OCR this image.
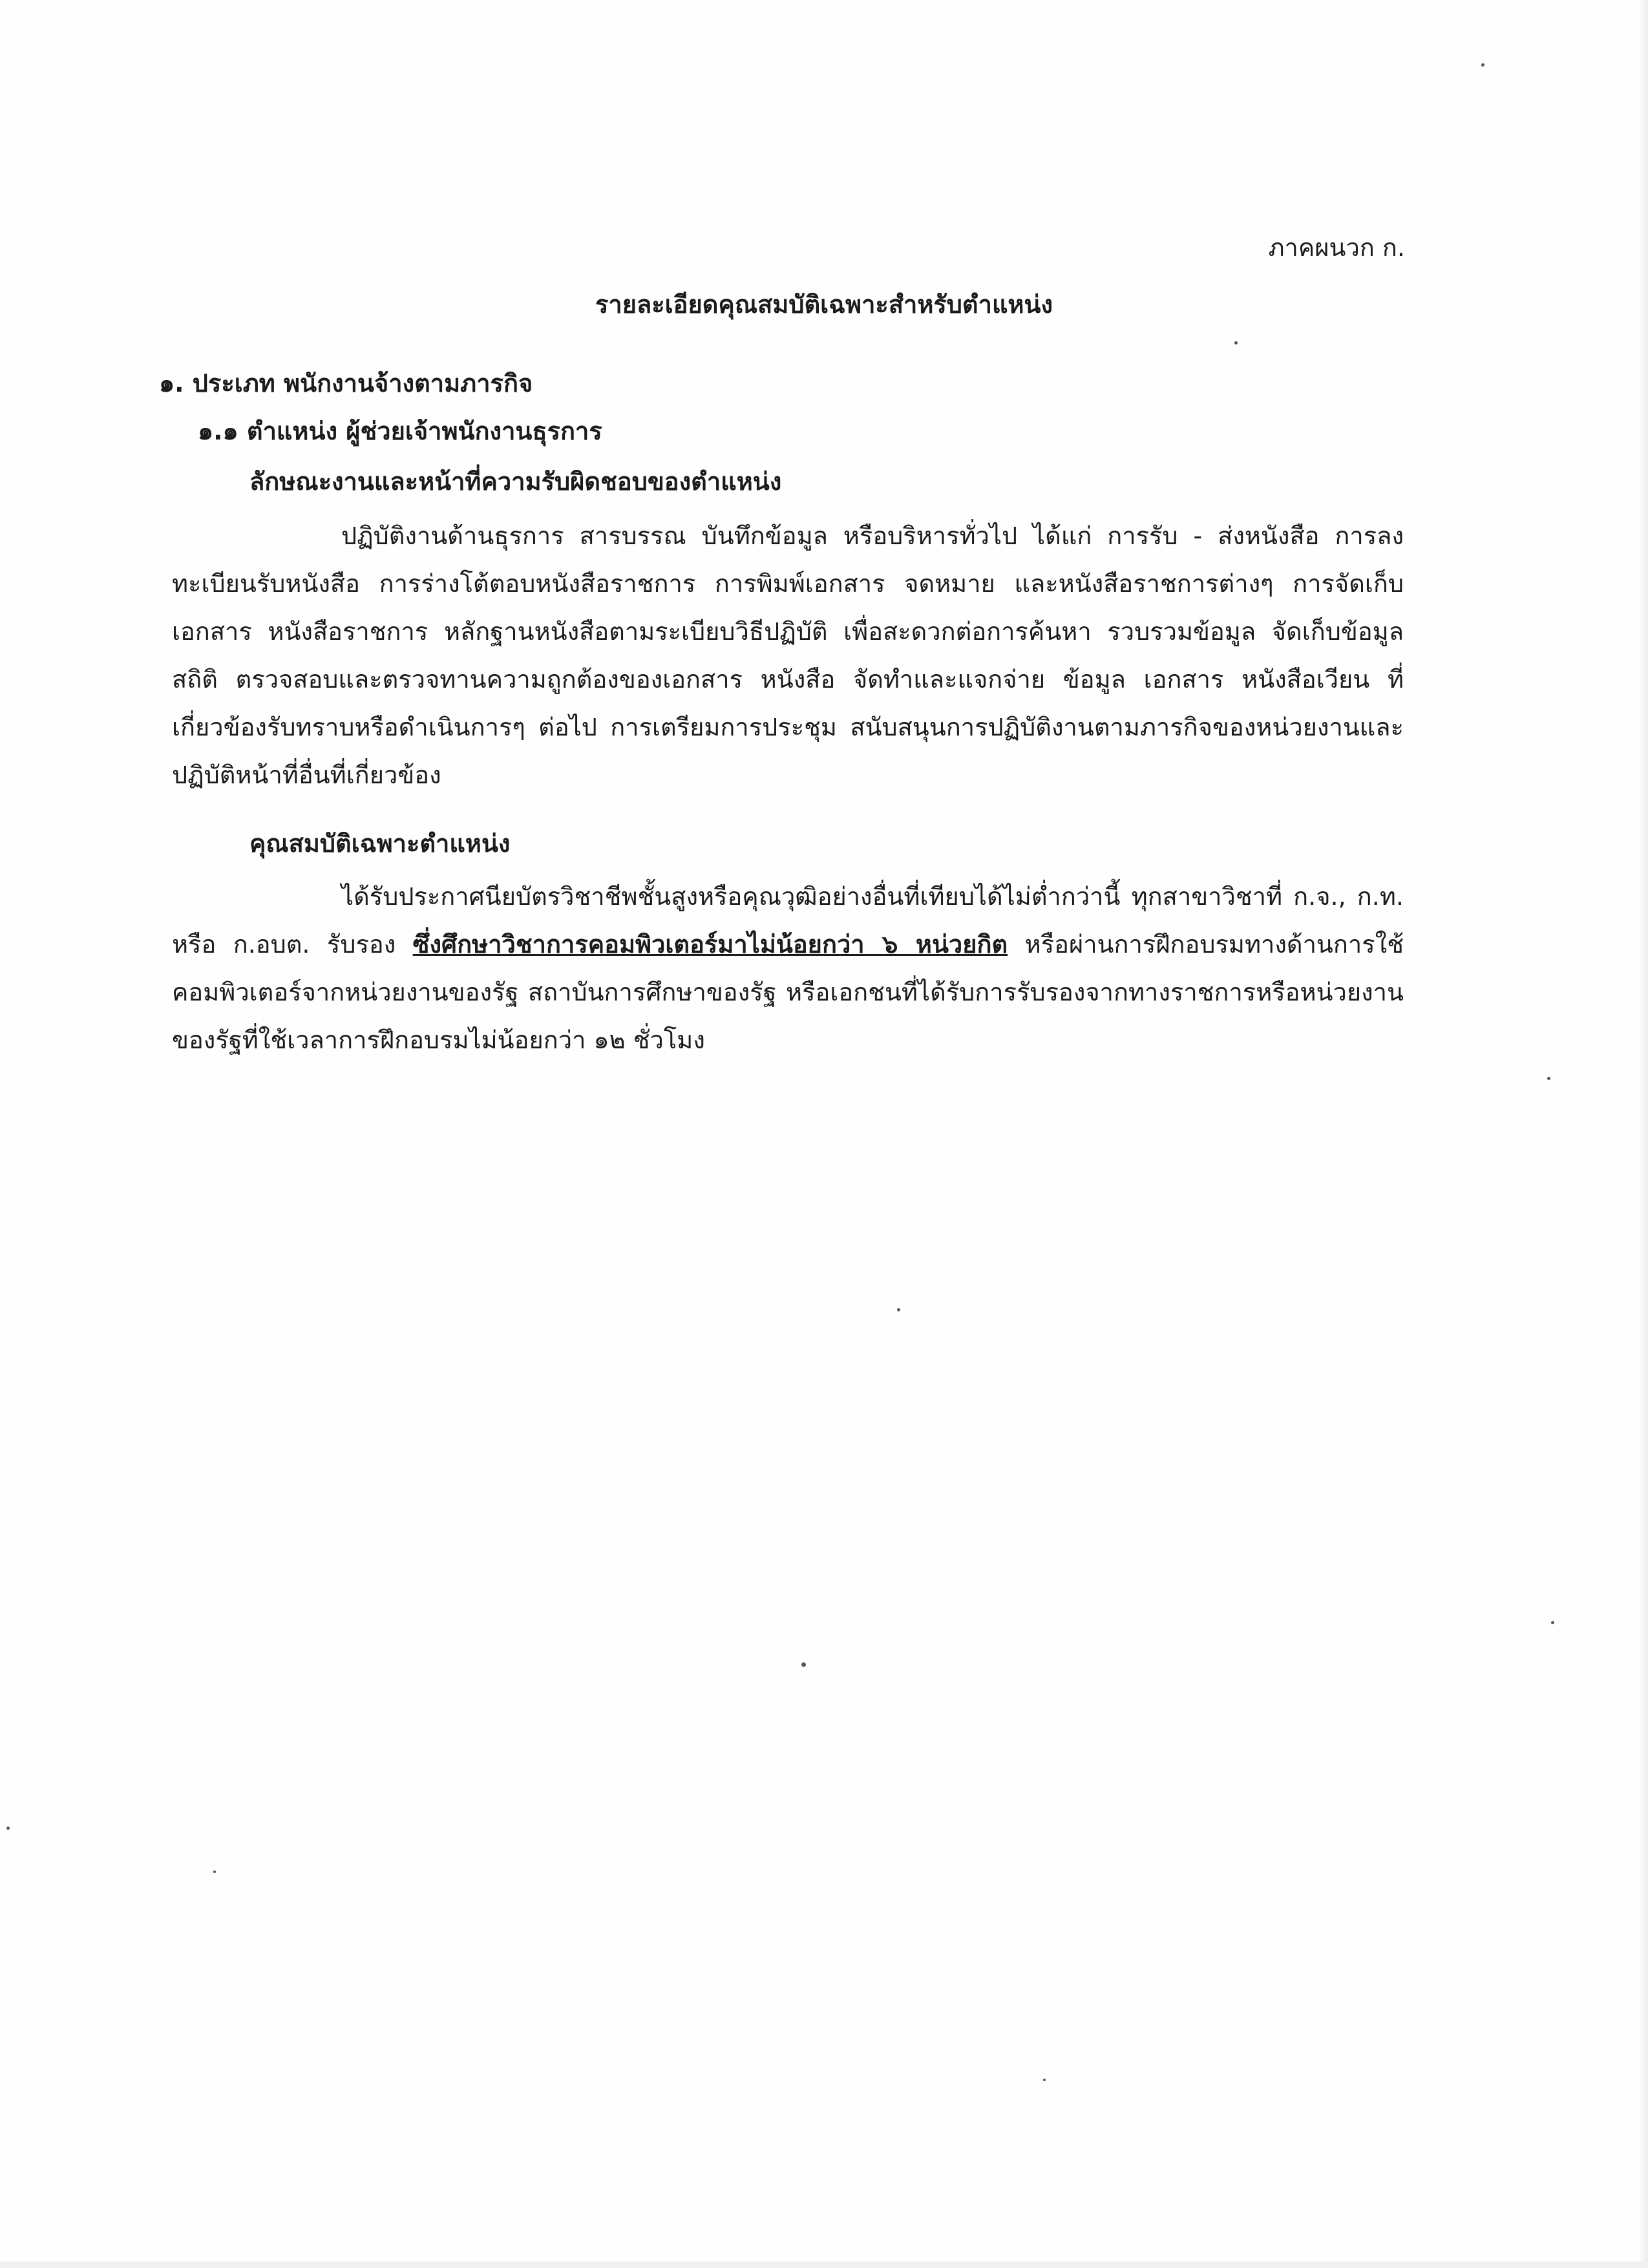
ภาคผนวก ก.
รายละเอียดคุณสมบัติเฉพาะสำหรับตำแหน่ง
๑. ประเภท พนักงานจ้างตามภารกิจ
๑.๑ ตำแหน่ง ผู้ช่วยเจ้าพนักงานธุรการ
ลักษณะงานและหน้าที่ความรับผิดชอบของตำแหน่ง
ปฏิบัติงานด้านธุรการ สารบรรณ บันทึกข้อมูล หรือบริหารทั่วไป ได้แก่ การรับ - ส่งหนังสือ การลงทะเบียนรับหนังสือ การร่างโต้ตอบหนังสือราชการ การพิมพ์เอกสาร จดหมาย และหนังสือราชการต่างๆ การจัดเก็บเอกสาร หนังสือราชการ หลักฐานหนังสือตามระเบียบวิธีปฏิบัติ เพื่อสะดวกต่อการค้นหา รวบรวมข้อมูล จัดเก็บข้อมูลสถิติ ตรวจสอบและตรวจทานความถูกต้องของเอกสาร หนังสือ จัดทำและแจกจ่าย ข้อมูล เอกสาร หนังสือเวียน ที่เกี่ยวข้องรับทราบหรือดำเนินการๆ ต่อไป การเตรียมการประชุม สนับสนุนการปฏิบัติงานตามภารกิจของหน่วยงานและปฏิบัติหน้าที่อื่นที่เกี่ยวข้อง
คุณสมบัติเฉพาะตำแหน่ง
ได้รับประกาศนียบัตรวิชาชีพชั้นสูงหรือคุณวุฒิอย่างอื่นที่เทียบได้ไม่ต่ำกว่านี้ ทุกสาขาวิชาที่ ก.จ., ก.ท. หรือ ก.อบต. รับรอง ซึ่งศึกษาวิชาการคอมพิวเตอร์มาไม่น้อยกว่า ๖ หน่วยกิต หรือผ่านการฝึกอบรมทางด้านการใช้คอมพิวเตอร์จากหน่วยงานของรัฐ สถาบันการศึกษาของรัฐ หรือเอกชนที่ได้รับการรับรองจากทางราชการหรือหน่วยงานของรัฐที่ใช้เวลาการฝึกอบรมไม่น้อยกว่า ๑๒ ชั่วโมง
